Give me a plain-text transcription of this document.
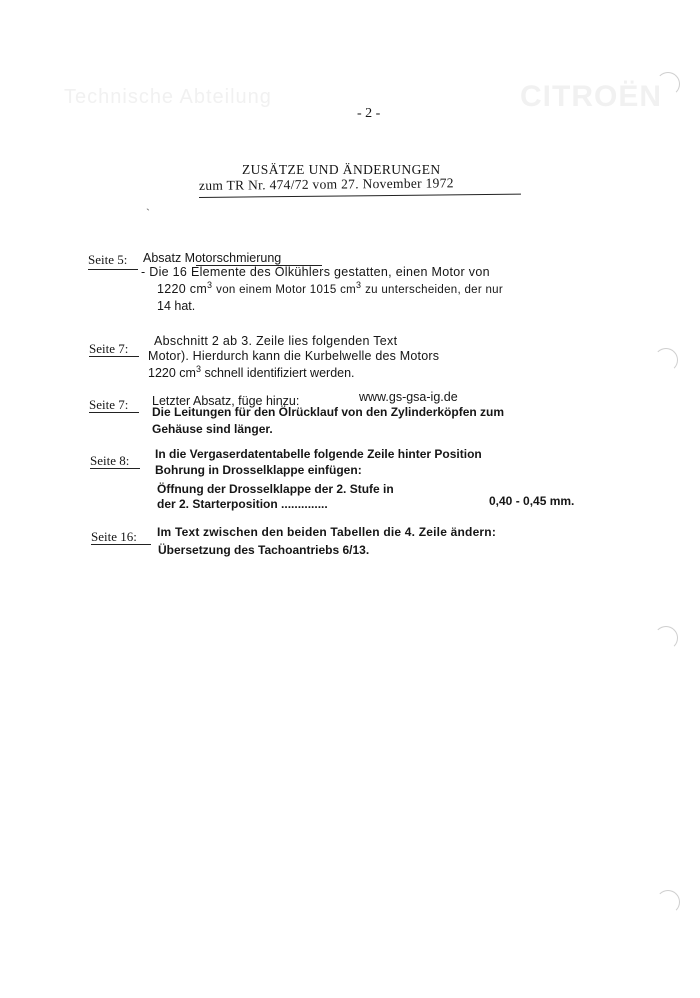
Technische Abteilung	CITROËN
- 2 -
ZUSÄTZE UND ÄNDERUNGEN
zum TR Nr. 474/72 vom 27. November 1972
`
Seite 5: Absatz Motorschmierung
- Die 16 Elemente des Ölkühlers gestatten, einen Motor von
1220 $cm^3$ von einem Motor 1015 $cm^3$ zu unterscheiden, der nur
14 hat.
Seite 7: Abschnitt 2 ab 3. Zeile lies folgenden Text
Motor). Hierdurch kann die Kurbelwelle des Motors
1220 $cm^3$ schnell identifiziert werden.
Seite 7: Letzter Absatz, füge hinzu:	www.gs-gsa-ig.de
Die Leitungen für den Ölrücklauf von den Zylinderköpfen zum
Gehäuse sind länger.
Seite 8: In die Vergaserdatentabelle folgende Zeile hinter Position
Bohrung in Drosselklappe einfügen:
Öffnung der Drosselklappe der 2. Stufe in
der 2. Starterposition ..............	0,40 - 0,45 mm.
Seite 16: Im Text zwischen den beiden Tabellen die 4. Zeile ändern:
Übersetzung des Tachoantriebs 6/13.
